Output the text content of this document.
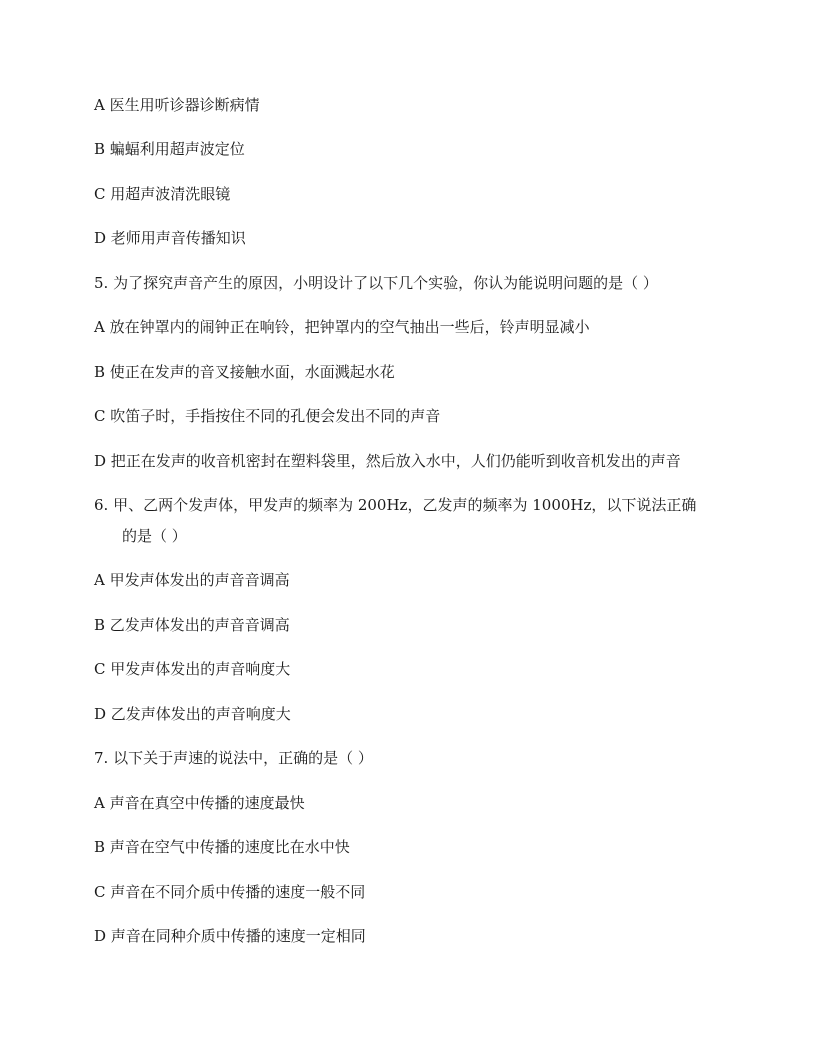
A 医生用听诊器诊断病情
B 蝙蝠利用超声波定位
C 用超声波清洗眼镜
D 老师用声音传播知识
5. 为了探究声音产生的原因，小明设计了以下几个实验，你认为能说明问题的是（ ）
A 放在钟罩内的闹钟正在响铃，把钟罩内的空气抽出一些后，铃声明显减小
B 使正在发声的音叉接触水面，水面溅起水花
C 吹笛子时，手指按住不同的孔便会发出不同的声音
D 把正在发声的收音机密封在塑料袋里，然后放入水中，人们仍能听到收音机发出的声音
6. 甲、乙两个发声体，甲发声的频率为 200Hz，乙发声的频率为 1000Hz，以下说法正确
的是（ ）
A 甲发声体发出的声音音调高
B 乙发声体发出的声音音调高
C 甲发声体发出的声音响度大
D 乙发声体发出的声音响度大
7. 以下关于声速的说法中，正确的是（ ）
A 声音在真空中传播的速度最快
B 声音在空气中传播的速度比在水中快
C 声音在不同介质中传播的速度一般不同
D 声音在同种介质中传播的速度一定相同
